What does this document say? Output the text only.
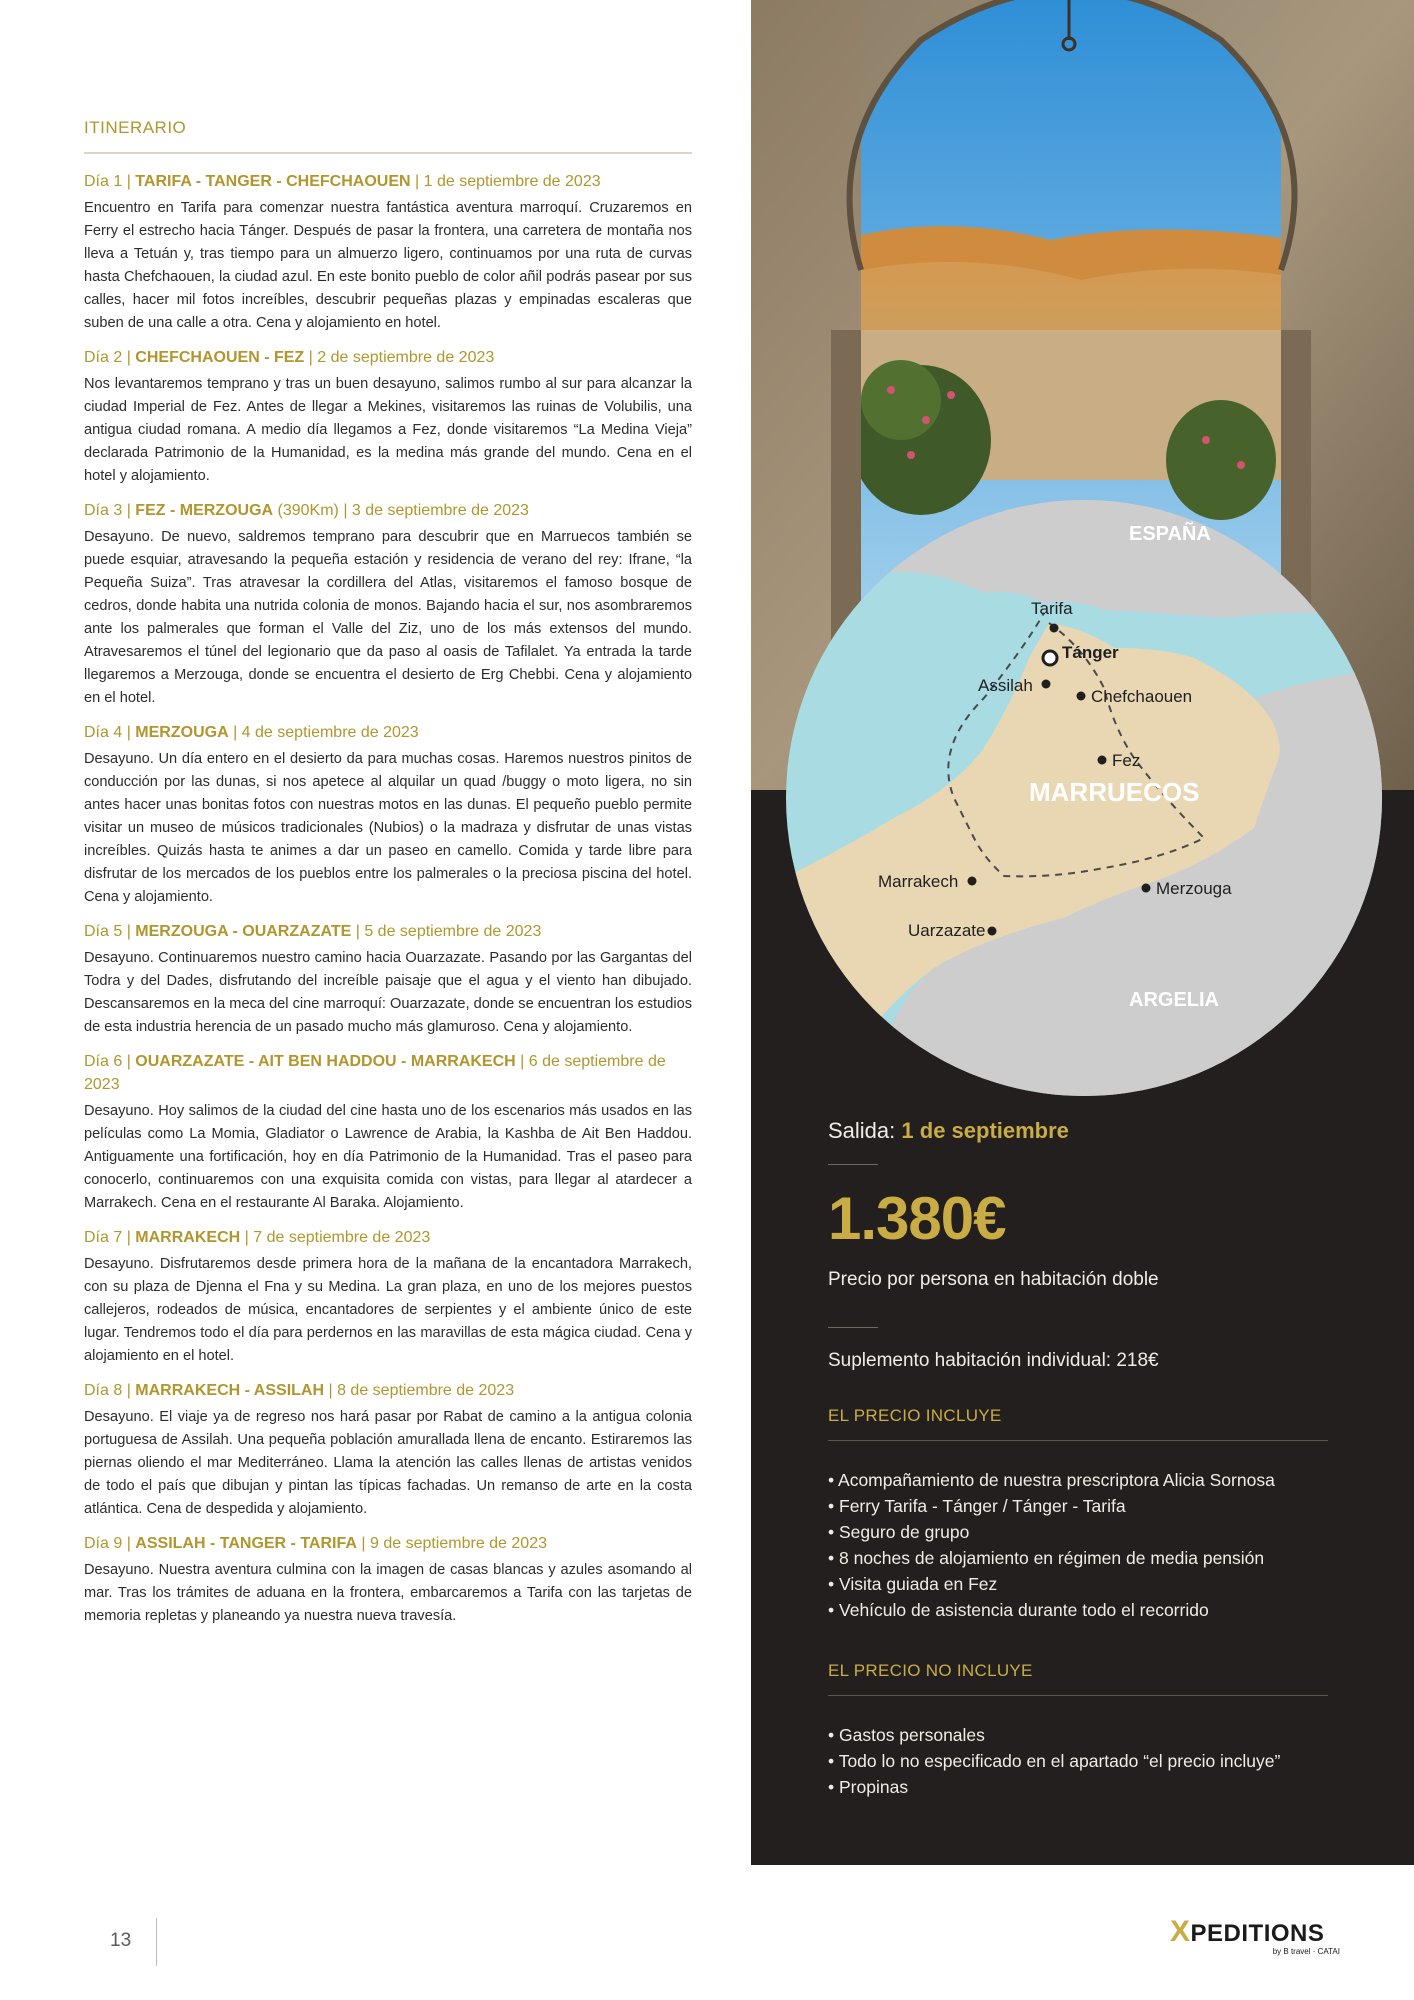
ITINERARIO
Día 1 | TARIFA - TANGER - CHEFCHAOUEN | 1 de septiembre de 2023
Encuentro en Tarifa para comenzar nuestra fantástica aventura marroquí. Cruzaremos en Ferry el estrecho hacia Tánger. Después de pasar la frontera, una carretera de montaña nos lleva a Tetuán y, tras tiempo para un almuerzo ligero, continuamos por una ruta de curvas hasta Chefchaouen, la ciudad azul. En este bonito pueblo de color añil podrás pasear por sus calles, hacer mil fotos increíbles, descubrir pequeñas plazas y empinadas escaleras que suben de una calle a otra. Cena y alojamiento en hotel.
Día 2 | CHEFCHAOUEN - FEZ | 2 de septiembre de 2023
Nos levantaremos temprano y tras un buen desayuno, salimos rumbo al sur para alcanzar la ciudad Imperial de Fez. Antes de llegar a Mekines, visitaremos las ruinas de Volubilis, una antigua ciudad romana. A medio día llegamos a Fez, donde visitaremos “La Medina Vieja” declarada Patrimonio de la Humanidad, es la medina más grande del mundo. Cena en el hotel y alojamiento.
Día 3 | FEZ - MERZOUGA (390Km) | 3 de septiembre de 2023
Desayuno. De nuevo, saldremos temprano para descubrir que en Marruecos también se puede esquiar, atravesando la pequeña estación y residencia de verano del rey: Ifrane, “la Pequeña Suiza”. Tras atravesar la cordillera del Atlas, visitaremos el famoso bosque de cedros, donde habita una nutrida colonia de monos. Bajando hacia el sur, nos asombraremos ante los palmerales que forman el Valle del Ziz, uno de los más extensos del mundo. Atravesaremos el túnel del legionario que da paso al oasis de Tafilalet. Ya entrada la tarde llegaremos a Merzouga, donde se encuentra el desierto de Erg Chebbi. Cena y alojamiento en el hotel.
Día 4 | MERZOUGA | 4 de septiembre de 2023
Desayuno. Un día entero en el desierto da para muchas cosas. Haremos nuestros pinitos de conducción por las dunas, si nos apetece al alquilar un quad /buggy o moto ligera, no sin antes hacer unas bonitas fotos con nuestras motos en las dunas. El pequeño pueblo permite visitar un museo de músicos tradicionales (Nubios) o la madraza y disfrutar de unas vistas increíbles. Quizás hasta te animes a dar un paseo en camello. Comida y tarde libre para disfrutar de los mercados de los pueblos entre los palmerales o la preciosa piscina del hotel. Cena y alojamiento.
Día 5 | MERZOUGA - OUARZAZATE | 5 de septiembre de 2023
Desayuno. Continuaremos nuestro camino hacia Ouarzazate. Pasando por las Gargantas del Todra y del Dades, disfrutando del increíble paisaje que el agua y el viento han dibujado. Descansaremos en la meca del cine marroquí: Ouarzazate, donde se encuentran los estudios de esta industria herencia de un pasado mucho más glamuroso. Cena y alojamiento.
Día 6 | OUARZAZATE - AIT BEN HADDOU - MARRAKECH | 6 de septiembre de 2023
Desayuno. Hoy salimos de la ciudad del cine hasta uno de los escenarios más usados en las películas como La Momia, Gladiator o Lawrence de Arabia, la Kashba de Ait Ben Haddou. Antiguamente una fortificación, hoy en día Patrimonio de la Humanidad. Tras el paseo para conocerlo, continuaremos con una exquisita comida con vistas, para llegar al atardecer a Marrakech. Cena en el restaurante Al Baraka. Alojamiento.
Día 7 | MARRAKECH | 7 de septiembre de 2023
Desayuno. Disfrutaremos desde primera hora de la mañana de la encantadora Marrakech, con su plaza de Djenna el Fna y su Medina. La gran plaza, en uno de los mejores puestos callejeros, rodeados de música, encantadores de serpientes y el ambiente único de este lugar. Tendremos todo el día para perdernos en las maravillas de esta mágica ciudad. Cena y alojamiento en el hotel.
Día 8 | MARRAKECH - ASSILAH | 8 de septiembre de 2023
Desayuno. El viaje ya de regreso nos hará pasar por Rabat de camino a la antigua colonia portuguesa de Assilah. Una pequeña población amurallada llena de encanto. Estiraremos las piernas oliendo el mar Mediterráneo. Llama la atención las calles llenas de artistas venidos de todo el país que dibujan y pintan las típicas fachadas. Un remanso de arte en la costa atlántica. Cena de despedida y alojamiento.
Día 9 | ASSILAH - TANGER - TARIFA | 9 de septiembre de 2023
Desayuno. Nuestra aventura culmina con la imagen de casas blancas y azules asomando al mar. Tras los trámites de aduana en la frontera, embarcaremos a Tarifa con las tarjetas de memoria repletas y planeando ya nuestra nueva travesía.
ESPAÑA
MARRUECOS
ARGELIA
Tarifa
Tánger
Assilah
Chefchaouen
Fez
Marrakech	Merzouga
Uarzazate
Salida: 1 de septiembre
1.380€
Precio por persona en habitación doble
Suplemento habitación individual: 218€
EL PRECIO INCLUYE
• Acompañamiento de nuestra prescriptora Alicia Sornosa
• Ferry Tarifa - Tánger / Tánger - Tarifa
• Seguro de grupo
• 8 noches de alojamiento en régimen de media pensión
• Visita guiada en Fez
• Vehículo de asistencia durante todo el recorrido
EL PRECIO NO INCLUYE
• Gastos personales
• Todo lo no especificado en el apartado “el precio incluye”
• Propinas
13	XPEDITIONS
by B travel · CATAI
